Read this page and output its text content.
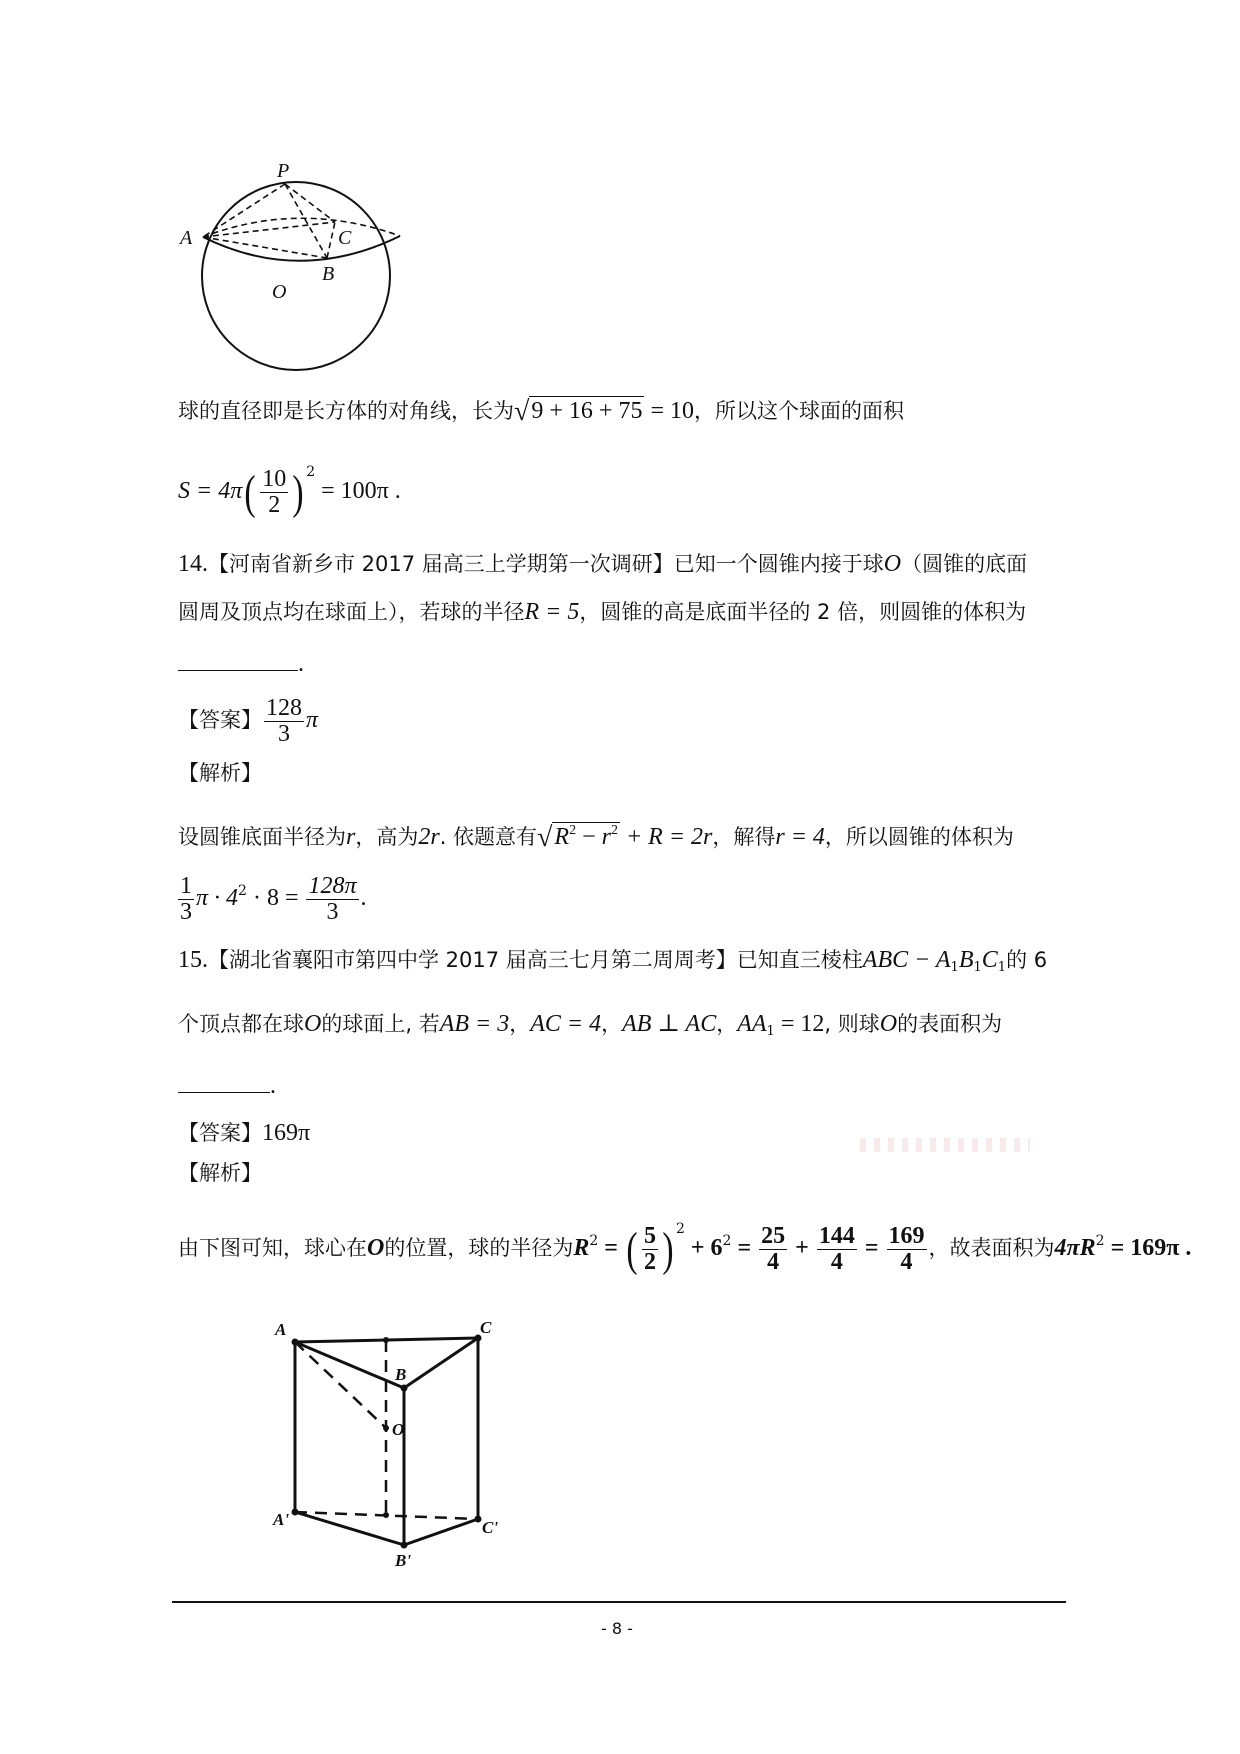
P
A	C
B
O
球的直径即是长方体的对角线，长为√9 + 16 + 75 = 10，所以这个球面的面积
$S = 4\pi( \frac{10}{2}$ ) $^2$ = 100π .
14.【河南省新乡市 2017 届高三上学期第一次调研】已知一个圆锥内接于球O（圆锥的底面
圆周及顶点均在球面上），若球的半径R = 5，圆锥的高是底面半径的 2 倍，则圆锥的体积为
.
【答案】 $\frac{128}{3}$ π
【解析】
设圆锥底面半径为r，高为2r. 依题意有$√R^2 - r^2 + R = 2r$，解得r = 4，所以圆锥的体积为
$\frac{1}{3}$ $\pi \cdot 4^2 \cdot 8 = \frac{128\pi}{3}$ .
15.【湖北省襄阳市第四中学 2017 届高三七月第二周周考】已知直三棱柱ABC − $A_1B_1C_1$的 6
个顶点都在球O的球面上, 若AB = 3，AC = 4，AB ⊥ AC，$AA_1 = 12$, 则球O的表面积为
.
【答案】169π
【解析】
由下图可知，球心在O的位置，球的半径为$R^2$ = ( $\frac{5}{2}$ ) $^2 + 6^2 = \frac{25}{4} + \frac{144}{4} = \frac{169}{4}$ ，故表面积为$4\pi R^2 = 169\pi$ .
A	C
B
O
A'	C'
B'
- 8 -
